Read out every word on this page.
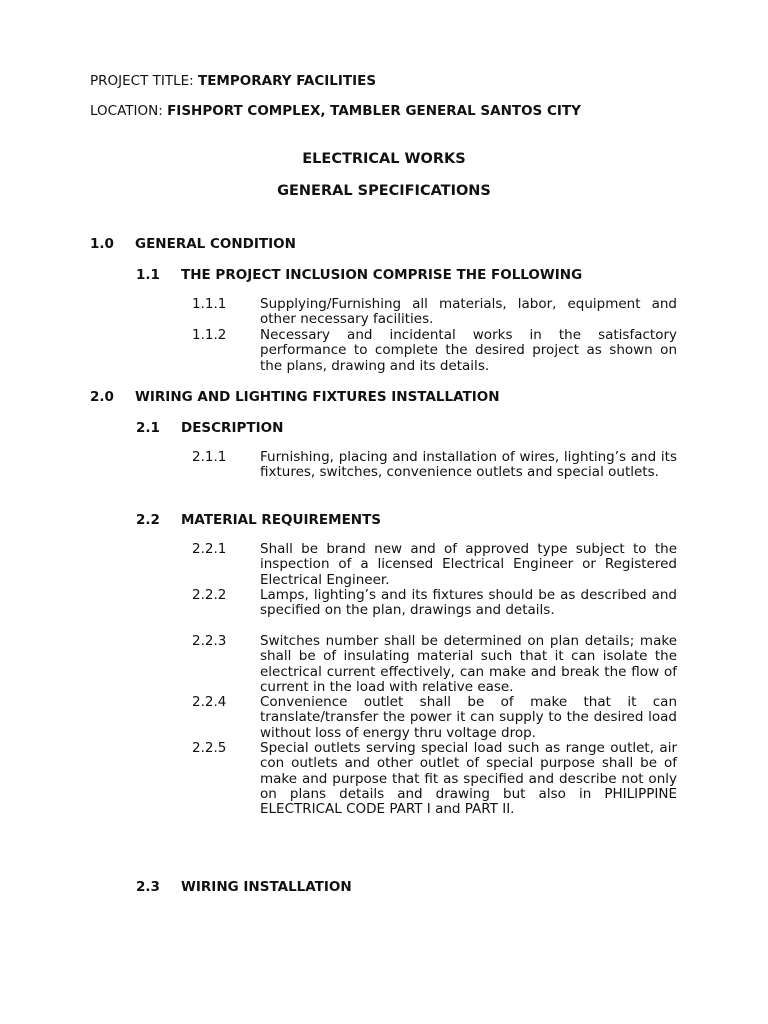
PROJECT TITLE: TEMPORARY FACILITIES
LOCATION: FISHPORT COMPLEX, TAMBLER GENERAL SANTOS CITY
ELECTRICAL WORKS
GENERAL SPECIFICATIONS
1.0 GENERAL CONDITION
1.1 THE PROJECT INCLUSION COMPRISE THE FOLLOWING
1.1.1 Supplying/Furnishing all materials, labor, equipment and other necessary facilities.
1.1.2 Necessary and incidental works in the satisfactory performance to complete the desired project as shown on the plans, drawing and its details.
2.0 WIRING AND LIGHTING FIXTURES INSTALLATION
2.1 DESCRIPTION
2.1.1 Furnishing, placing and installation of wires, lighting’s and its fixtures, switches, convenience outlets and special outlets.
2.2 MATERIAL REQUIREMENTS
2.2.1 Shall be brand new and of approved type subject to the inspection of a licensed Electrical Engineer or Registered Electrical Engineer.
2.2.2 Lamps, lighting’s and its fixtures should be as described and specified on the plan, drawings and details.
2.2.3 Switches number shall be determined on plan details; make shall be of insulating material such that it can isolate the electrical current effectively, can make and break the flow of current in the load with relative ease.
2.2.4 Convenience outlet shall be of make that it can translate/transfer the power it can supply to the desired load without loss of energy thru voltage drop.
2.2.5 Special outlets serving special load such as range outlet, air con outlets and other outlet of special purpose shall be of make and purpose that fit as specified and describe not only on plans details and drawing but also in PHILIPPINE ELECTRICAL CODE PART I and PART II.
2.3 WIRING INSTALLATION
